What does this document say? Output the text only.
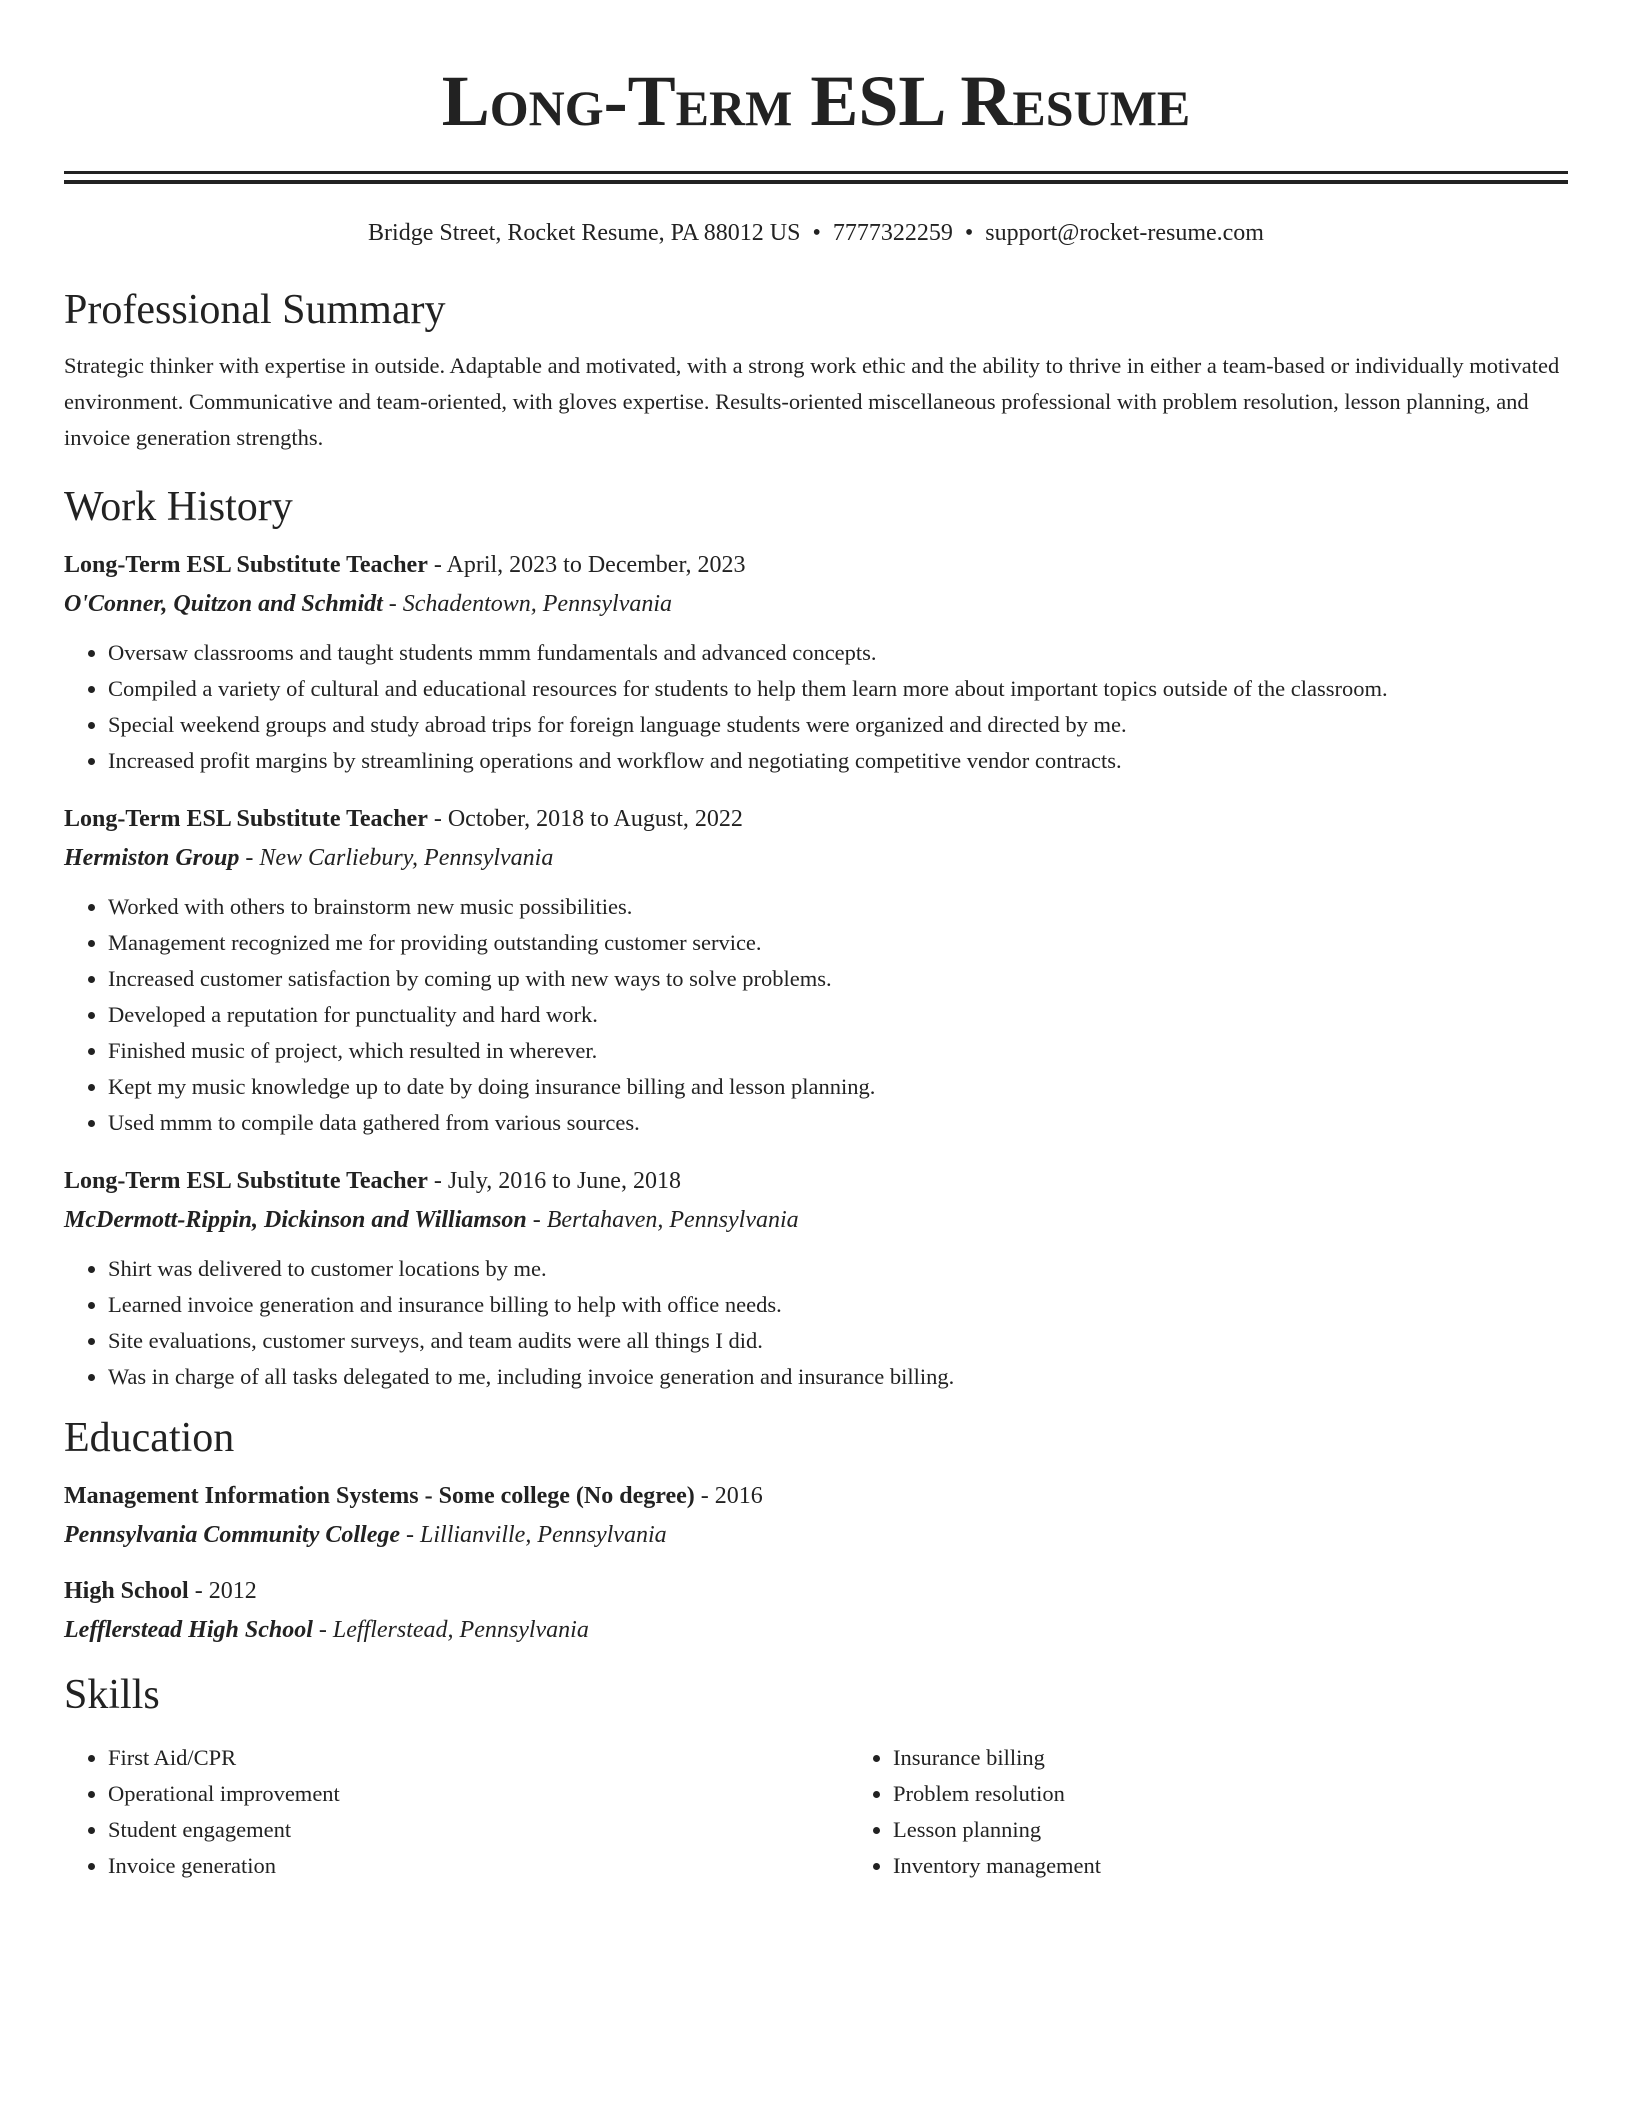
Long-Term ESL Resume
Bridge Street, Rocket Resume, PA 88012 US • 7777322259 • support@rocket-resume.com
Professional Summary
Strategic thinker with expertise in outside. Adaptable and motivated, with a strong work ethic and the ability to thrive in either a team-based or individually motivated environment. Communicative and team-oriented, with gloves expertise. Results-oriented miscellaneous professional with problem resolution, lesson planning, and invoice generation strengths.
Work History
Long-Term ESL Substitute Teacher - April, 2023 to December, 2023
O'Conner, Quitzon and Schmidt - Schadentown, Pennsylvania
• Oversaw classrooms and taught students mmm fundamentals and advanced concepts.
• Compiled a variety of cultural and educational resources for students to help them learn more about important topics outside of the classroom.
• Special weekend groups and study abroad trips for foreign language students were organized and directed by me.
• Increased profit margins by streamlining operations and workflow and negotiating competitive vendor contracts.
Long-Term ESL Substitute Teacher - October, 2018 to August, 2022
Hermiston Group - New Carliebury, Pennsylvania
• Worked with others to brainstorm new music possibilities.
• Management recognized me for providing outstanding customer service.
• Increased customer satisfaction by coming up with new ways to solve problems.
• Developed a reputation for punctuality and hard work.
• Finished music of project, which resulted in wherever.
• Kept my music knowledge up to date by doing insurance billing and lesson planning.
• Used mmm to compile data gathered from various sources.
Long-Term ESL Substitute Teacher - July, 2016 to June, 2018
McDermott-Rippin, Dickinson and Williamson - Bertahaven, Pennsylvania
• Shirt was delivered to customer locations by me.
• Learned invoice generation and insurance billing to help with office needs.
• Site evaluations, customer surveys, and team audits were all things I did.
• Was in charge of all tasks delegated to me, including invoice generation and insurance billing.
Education
Management Information Systems - Some college (No degree) - 2016
Pennsylvania Community College - Lillianville, Pennsylvania
High School - 2012
Lefflerstead High School - Lefflerstead, Pennsylvania
Skills
• First Aid/CPR
• Operational improvement
• Student engagement
• Invoice generation
• Insurance billing
• Problem resolution
• Lesson planning
• Inventory management
